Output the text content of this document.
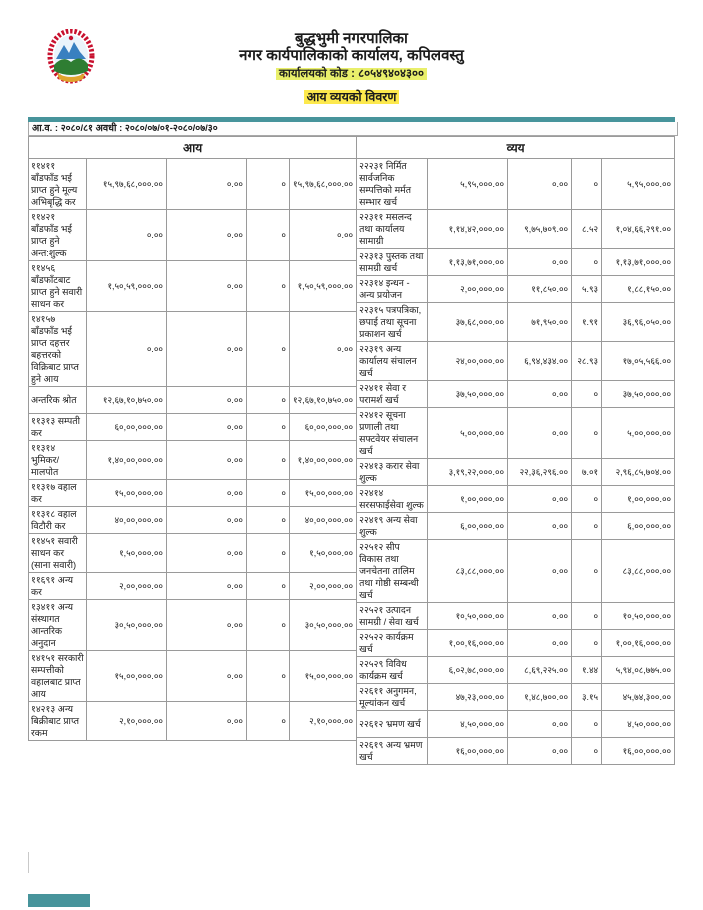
बुद्धभुमी नगरपालिका
नगर कार्यपालिकाको कार्यालय, कपिलवस्तु
कार्यालयको कोड : ८०५४९४०४३००
आय व्ययको विवरण
आ.व. : २०८०/८१ अवधी : २०८०/०७/०१-२०८०/०७/३०
आय				
११४११ बाँडफाँड भई प्राप्त हुने मूल्य अभिबृद्धि कर	१५,९७,६८,०००.००	०.००	०	१५,९७,६८,०००.००
११४२१ बाँडफाँड भ‌ई प्राप्त हुने अन्त:शुल्क	०.००	०.००	०	०.००
११४५६ बाँडफाँटबाट प्राप्त हुने सवारी साधन कर	१,५०,५९,०००.००	०.००	०	१,५०,५९,०००.००
१४१५७ बाँडफाँड भई प्राप्त दहत्तर बहत्तरको विक्रिबाट प्राप्त हुने आय	०.००	०.००	०	०.००
अन्तरिक श्रोत	१२,६७,१०,७५०.००	०.००	०	१२,६७,१०,७५०.००
११३१३ सम्पती कर	६०,००,०००.००	०.००	०	६०,००,०००.००
११३१४ भुमिकर/ मालपोत	१,४०,००,०००.००	०.००	०	१,४०,००,०००.००
११३१७ वहाल कर	१५,००,०००.००	०.००	०	१५,००,०००.००
११३१८ वहाल विटौरी कर	४०,००,०००.००	०.००	०	४०,००,०००.००
११४५१ सवारी साधन कर (साना सवारी)	१,५०,०००.००	०.००	०	१,५०,०००.००
११६९१ अन्य कर	२,००,०००.००	०.००	०	२,००,०००.००
१३४११ अन्य संस्थागत आन्तरिक अनुदान	३०,५०,०००.००	०.००	०	३०,५०,०००.००
१४१५१ सरकारी सम्पत्तीको वहालबाट प्राप्त आय	१५,००,०००.००	०.००	०	१५,००,०००.००
१४२१३ अन्य बिक्रीबाट प्राप्त रकम	२,१०,०००.००	०.००	०	२,१०,०००.००
व्यय				
२२२३१ निर्मित सार्वजनिक सम्पत्तिको मर्मत सम्भार खर्च	५,९५,०००.००	०.००	०	५,९५,०००.००
२२३११ मसलन्द तथा कार्यालय सामाग्री	१,१४,४२,०००.००	९,७५,७०९.००	८.५२	१,०४,६६,२९१.००
२२३१३ पुस्तक तथा सामग्री खर्च	१,१३,७१,०००.००	०.००	०	१,१३,७१,०००.००
२२३१४ इन्धन - अन्य प्रयोजन	२,००,०००.००	११,८५०.००	५.९३	१,८८,१५०.००
२२३१५ पत्रपत्रिका, छपाई तथा सूचना प्रकाशन खर्च	३७,६८,०००.००	७१,९५०.००	१.९१	३६,९६,०५०.००
२२३१९ अन्य कार्यालय संचालन खर्च	२४,००,०००.००	६,९४,४३४.००	२८.९३	१७,०५,५६६.००
२२४११ सेवा र परामर्श खर्च	३७,५०,०००.००	०.००	०	३७,५०,०००.००
२२४१२ सूचना प्रणाली तथा सफ्टवेयर संचालन खर्च	५,००,०००.००	०.००	०	५,००,०००.००
२२४१३ करार सेवा शुल्क	३,१९,२२,०००.००	२२,३६,२९६.००	७.०१	२,९६,८५,७०४.००
२२४१४ सरसफाईसेवा शुल्क	१,००,०००.००	०.००	०	१,००,०००.००
२२४१९ अन्य सेवा शुल्क	६,००,०००.००	०.००	०	६,००,०००.००
२२५१२ सीप विकास तथा जनचेतना तालिम तथा गोष्ठी सम्बन्धी खर्च	८३,८८,०००.००	०.००	०	८३,८८,०००.००
२२५२१ उत्पादन सामग्री / सेवा खर्च	१०,५०,०००.००	०.००	०	१०,५०,०००.००
२२५२२ कार्यक्रम खर्च	१,००,१६,०००.००	०.००	०	१,००,१६,०००.००
२२५२९ विविध कार्यक्रम खर्च	६,०२,७८,०००.००	८,६९,२२५.००	१.४४	५,९४,०८,७७५.००
२२६११ अनुगमन, मूल्यांकन खर्च	४७,२३,०००.००	१,४८,७००.००	३.१५	४५,७४,३००.००
२२६१२ भ्रमण खर्च	४,५०,०००.००	०.००	०	४,५०,०००.००
२२६१९ अन्य भ्रमण खर्च	१६,००,०००.००	०.००	०	१६,००,०००.००
